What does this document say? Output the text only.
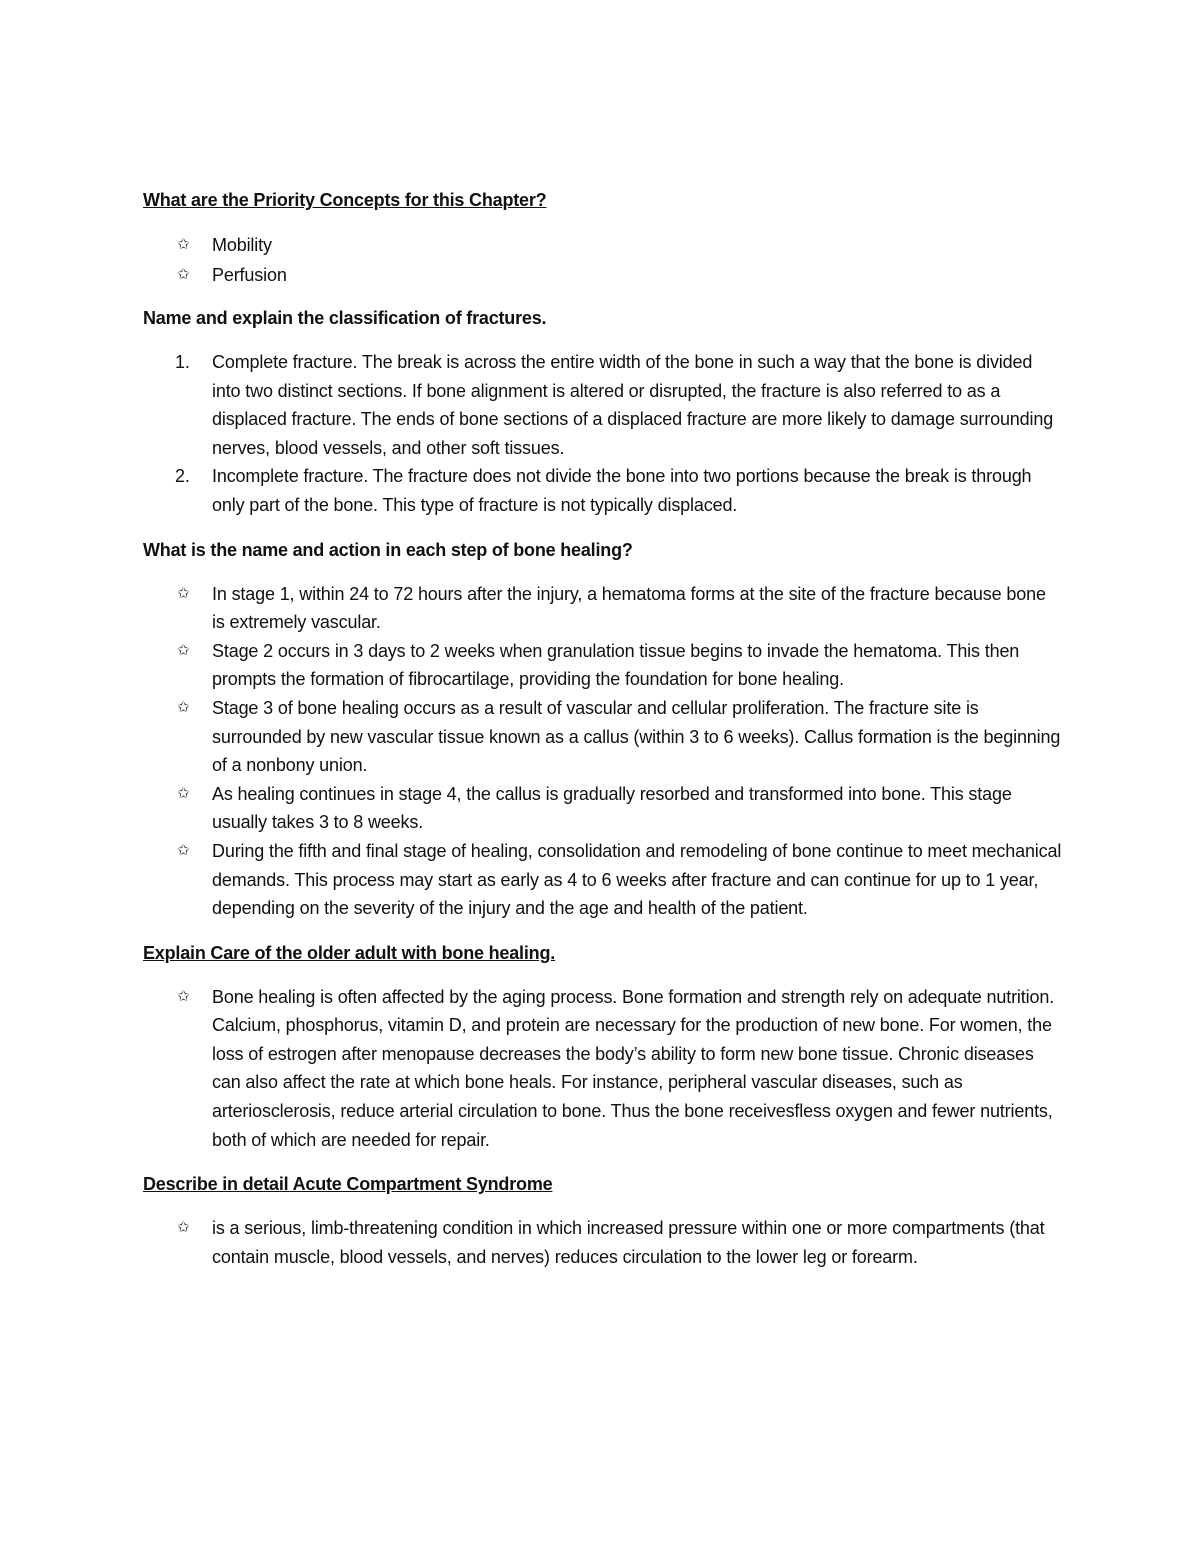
What are the Priority Concepts for this Chapter?
✩ Mobility
✩ Perfusion
Name and explain the classification of fractures.
1. Complete fracture. The break is across the entire width of the bone in such a way that the bone is divided into two distinct sections. If bone alignment is altered or disrupted, the fracture is also referred to as a displaced fracture. The ends of bone sections of a displaced fracture are more likely to damage surrounding nerves, blood vessels, and other soft tissues.
2. Incomplete fracture. The fracture does not divide the bone into two portions because the break is through only part of the bone. This type of fracture is not typically displaced.
What is the name and action in each step of bone healing?
✩ In stage 1, within 24 to 72 hours after the injury, a hematoma forms at the site of the fracture because bone is extremely vascular.
✩ Stage 2 occurs in 3 days to 2 weeks when granulation tissue begins to invade the hematoma. This then prompts the formation of fibrocartilage, providing the foundation for bone healing.
✩ Stage 3 of bone healing occurs as a result of vascular and cellular proliferation. The fracture site is surrounded by new vascular tissue known as a callus (within 3 to 6 weeks). Callus formation is the beginning of a nonbony union.
✩ As healing continues in stage 4, the callus is gradually resorbed and transformed into bone. This stage usually takes 3 to 8 weeks.
✩ During the fifth and final stage of healing, consolidation and remodeling of bone continue to meet mechanical demands. This process may start as early as 4 to 6 weeks after fracture and can continue for up to 1 year, depending on the severity of the injury and the age and health of the patient.
Explain Care of the older adult with bone healing.
✩ Bone healing is often affected by the aging process. Bone formation and strength rely on adequate nutrition. Calcium, phosphorus, vitamin D, and protein are necessary for the production of new bone. For women, the loss of estrogen after menopause decreases the body’s ability to form new bone tissue. Chronic diseases can also affect the rate at which bone heals. For instance, peripheral vascular diseases, such as arteriosclerosis, reduce arterial circulation to bone. Thus the bone receivesfless oxygen and fewer nutrients, both of which are needed for repair.
Describe in detail Acute Compartment Syndrome
✩ is a serious, limb-threatening condition in which increased pressure within one or more compartments (that contain muscle, blood vessels, and nerves) reduces circulation to the lower leg or forearm.
